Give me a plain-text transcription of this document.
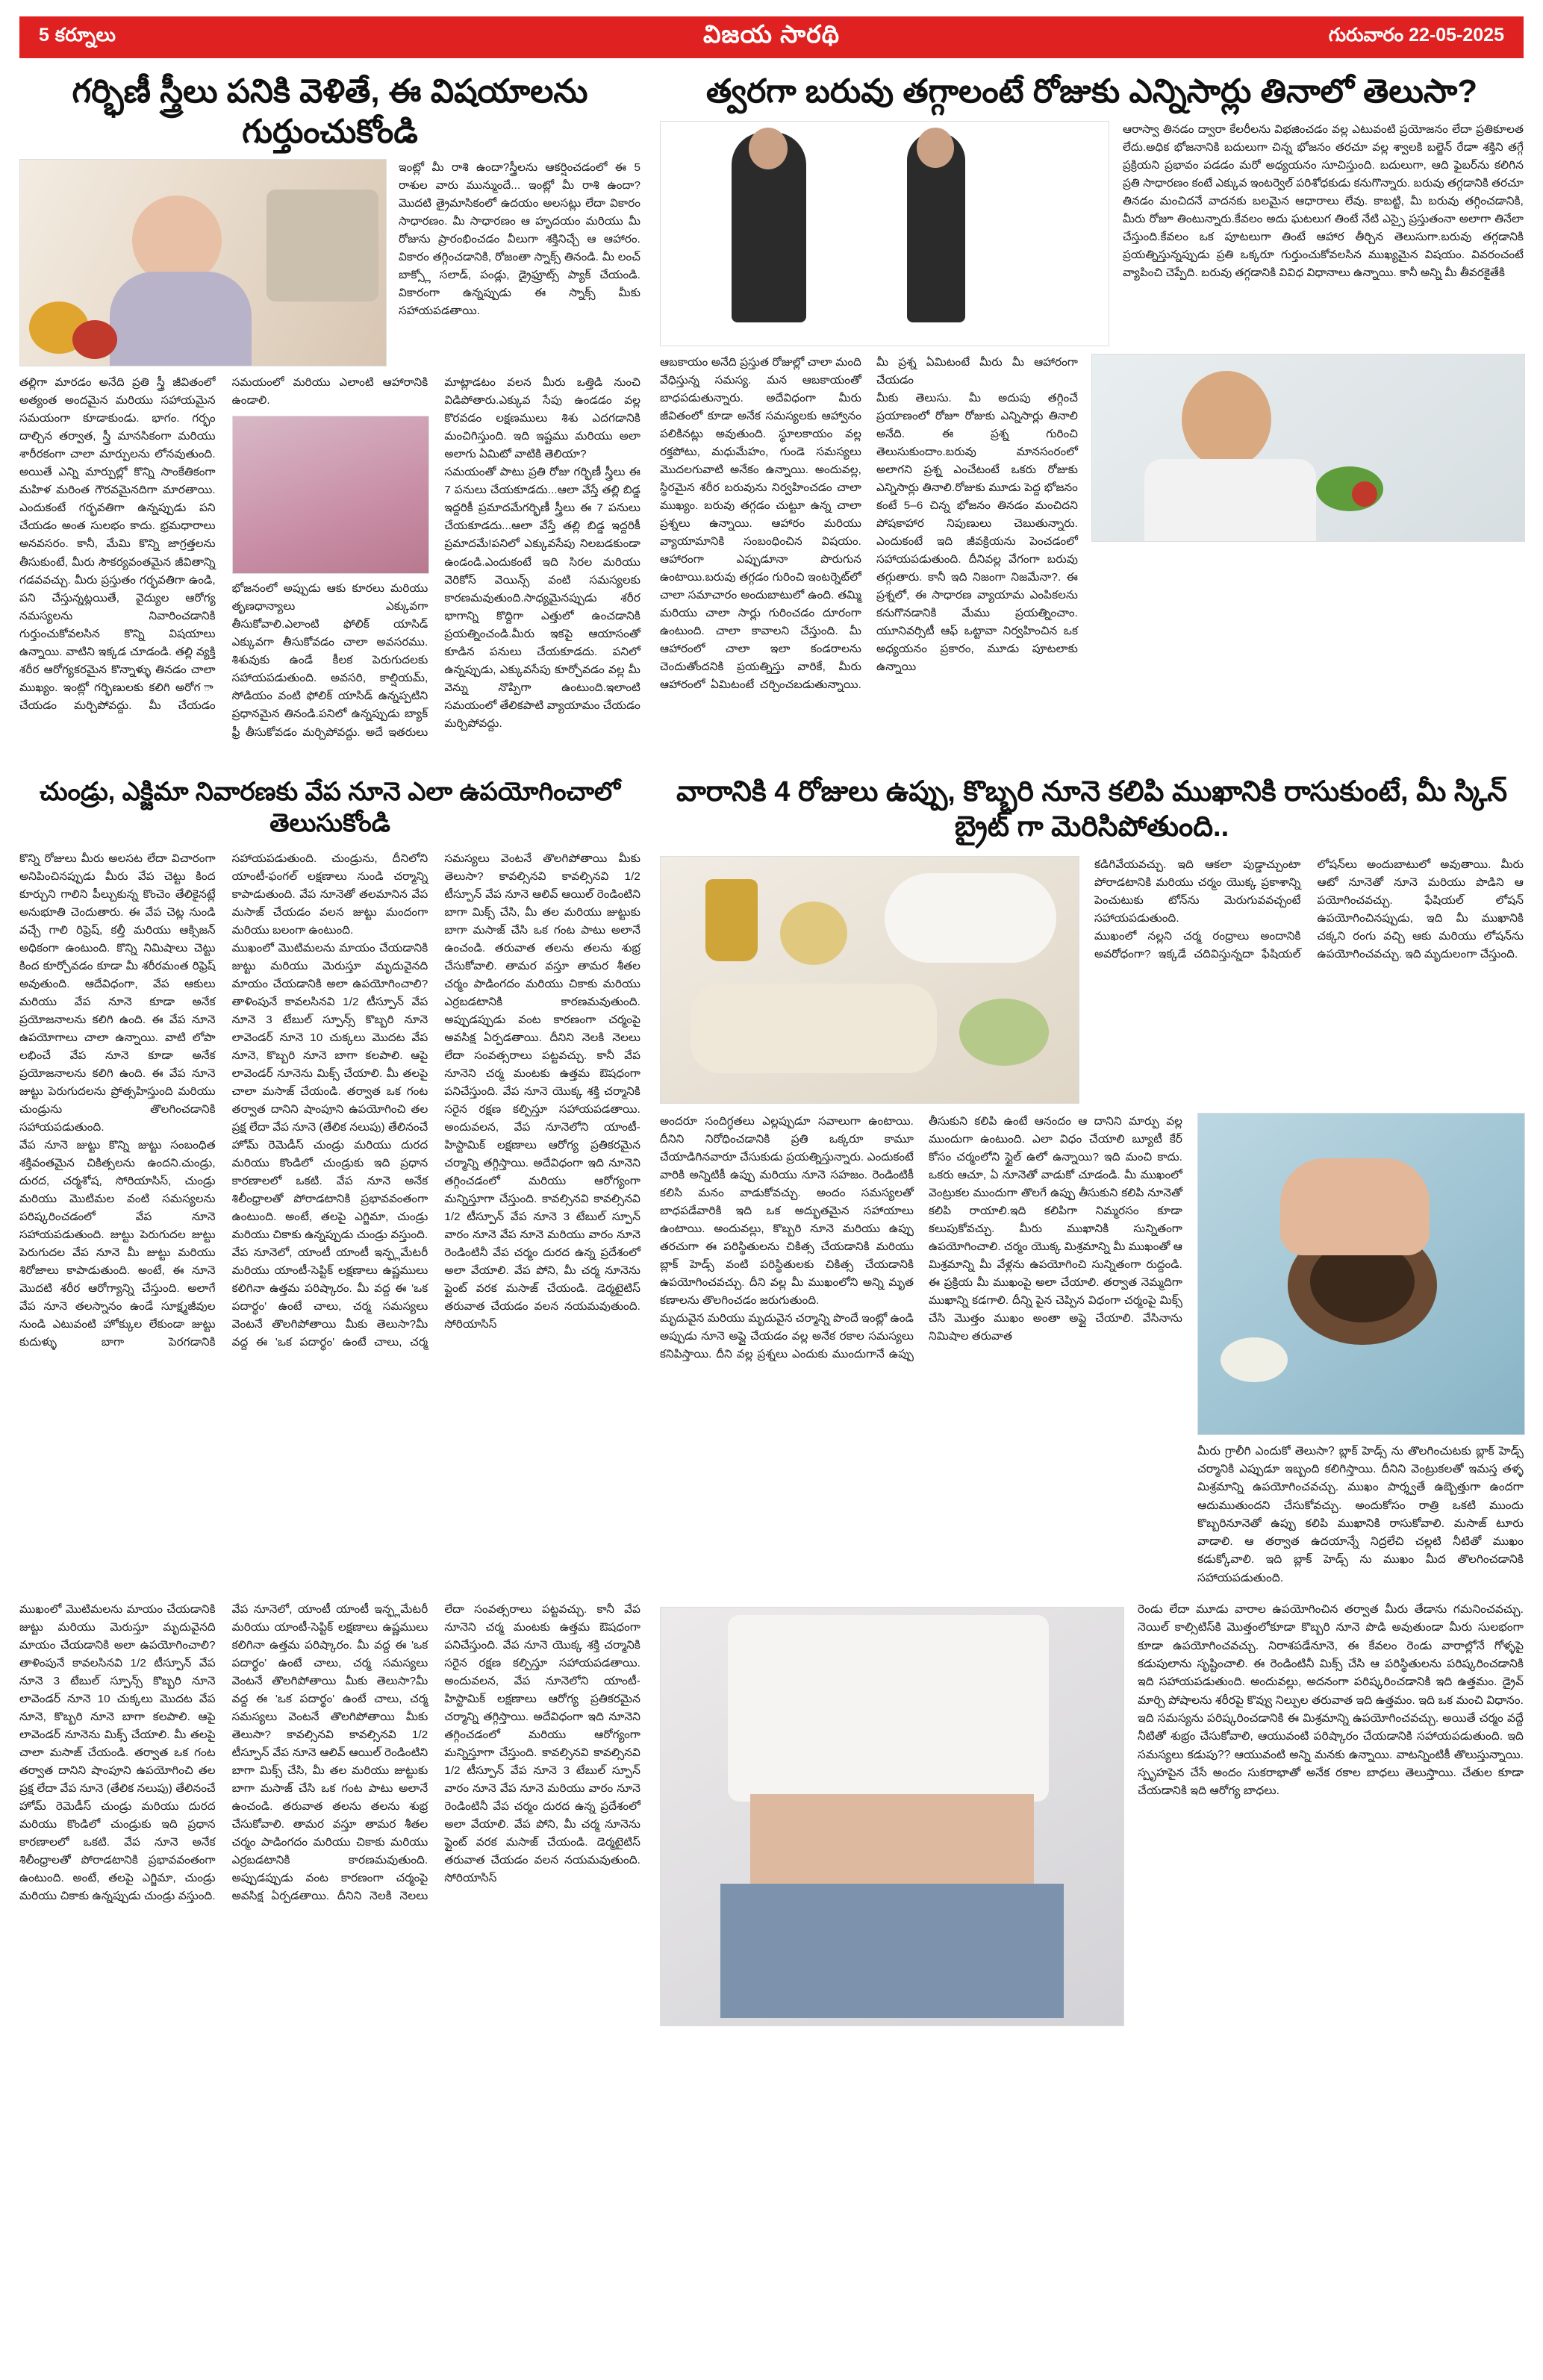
5 కర్నూలు	విజయ సారథి	గురువారం 22-05-2025
గర్భిణీ స్త్రీలు పనికి వెళితే, ఈ విషయాలను గుర్తుంచుకోండి
ఇంట్లో మీ రాశి ఉందా?స్త్రీలను ఆకర్షించడంలో ఈ 5 రాశుల వారు మున్ముందే... ఇంట్లో మీ రాశి ఉందా?మొదటి త్రైమాసికంలో ఉదయం అలసట్లు లేదా వికారం సాధారణం. మీ సాధారణం ఆ హృదయం మరియు మీ రోజును ప్రారంభించడం వీలుగా శక్తినిచ్చే ఆ ఆహారం. వికారం తగ్గించడానికి, రోజంతా స్నాక్స్ తినండి. మీ లంచ్ బాక్స్లో సలాడ్, పండ్లు, డ్రైఫ్రూట్స్ ప్యాక్ చేయండి. వికారంగా ఉన్నప్పుడు ఈ స్నాక్స్ మీకు సహాయపడతాయి.
తల్లిగా మారడం అనేది ప్రతి స్త్రీ జీవితంలో అత్యంత అందమైన మరియు సహాయమైన సమయంగా కూడాకుండు. భాగం. గర్భం దాల్చిన తర్వాత, స్త్రీ మానసికంగా మరియు శారీరకంగా చాలా మార్పులను లోనవుతుంది. అయితే ఎన్ని మార్పుల్లో కొన్ని సాంకేతికంగా మహిళ మరింత గౌరవమైనదిగా మారతాయి. ఎందుకంటే గర్భవతిగా ఉన్నప్పుడు పని చేయడం అంత సులభం కాదు. భ్రమధారాలు అనవసరం. కానీ, మేమి కొన్ని జాగ్రత్తలను తీసుకుంటే, మీరు సౌకర్యవంతమైన జీవితాన్ని గడవవచ్చు. మీరు ప్రస్తుతం గర్భవతిగా ఉండి, పని చేస్తున్నట్లయితే, వైద్యుల ఆరోగ్య నమస్యలను నివారించడానికి గుర్తుంచుకోవలసిన కొన్ని విషయాలు ఉన్నాయి. వాటిని ఇక్కడ చూడండి. తల్లి వ్యక్తి శరీర ఆరోగ్యకరమైన కొన్నాళ్ళు తినడం చాలా ముఖ్యం. ఇంట్లో గర్భిణులకు కలిగి అరోగ ా చేయడం మర్చిపోవద్దు. మీ చేయడం సమయంలో మరియు ఎలాంటి ఆహారానికి ఉండాలి.
భోజనంలో అప్పుడు ఆకు కూరలు మరియు తృణధాన్యాలు ఎక్కువగా తీసుకోవాలి.ఎలాంటి ఫోలిక్ యాసిడ్ ఎక్కువగా తీసుకోవడం చాలా అవసరము. శిశువుకు ఉండే కీలక పెరుగుదలకు సహాయపడుతుంది. అవసరి, కాల్షియమ్, సోడియం వంటి ఫోలిక్ యాసిడ్ ఉన్నప్పటిని ప్రధానమైన తినండి.పనిలో ఉన్నప్పుడు బ్యాక్ ఫ్రీ తీసుకోవడం మర్చిపోవద్దు. అదే ఇతరులు మాట్లాడటం వలన మీరు ఒత్తిడి నుంచి విడిపోతారు.ఎక్కువ సేపు ఉండడం వల్ల కొరవడం లక్షణములు శిశు ఎదగడానికి మంచిగిస్తుంది. ఇది ఇష్టము మరియు అలా అలాగు ఏమిటో వాటికి తెలియా?
సమయంతో పాటు ప్రతి రోజు గర్భిణీ స్త్రీలు ఈ 7 పనులు చేయకూడదు...ఆలా వేస్తే తల్లి బిడ్డ ఇద్దరికీ ప్రమాదమేగర్భిణీ స్త్రీలు ఈ 7 పనులు చేయకూడదు...ఆలా వేస్తే తల్లి బిడ్డ ఇద్దరికీ ప్రమాదమే!పనిలో ఎక్కువసేపు నిలబడకుండా ఉండండి.ఎందుకంటే ఇది సిరల మరియు వెరికోస్ వెయిన్స్ వంటి సమస్యలకు కారణమవుతుంది.సాధ్యమైనప్పుడు శరీర భాగాన్ని కొద్దిగా ఎత్తులో ఉంచడానికి ప్రయత్నించండి.మీరు ఇకపై ఆయాసంతో కూడిన పనులు చేయకూడదు. పనిలో ఉన్నప్పుడు, ఎక్కువసేపు కూర్చోవడం వల్ల మీ వెన్ను నొప్పిగా ఉంటుంది.ఇలాంటి సమయంలో తేలికపాటి వ్యాయామం చేయడం మర్చిపోవద్దు.
త్వరగా బరువు తగ్గాలంటే రోజుకు ఎన్నిసార్లు తినాలో తెలుసా?
ఆరాస్వా తినడం ద్వారా కేలరీలను విభజించడం వల్ల ఎటువంటి ప్రయోజనం లేదా ప్రతికూలత లేదు.అధిక భోజనానికి బదులుగా చిన్న భోజనం తరచూ వల్ల శ్వాలకి బల్జెన్ రేడాా శక్తిని తగ్గే ప్రక్రియని ప్రభావం పడడం మరో అధ్యయనం సూచిస్తుంది. బదులుగా, ఆది ఫైబర్‌ను కలిగిన ప్రతి సాధారణం కంటే ఎక్కువ ఇంటర్వెల్ పరిశోధకుడు కనుగొన్నారు. బరువు తగ్గడానికి తరచూ తినడం మంచిదనే వాదనకు బలమైన ఆధారాలు లేవు. కాబట్టి, మీ బరువు తగ్గించడానికి, మీరు రోజూ తింటున్నారు.కేవలం అదు ఘటలుగ తింటే నేటి ఎస్సై ప్రస్తుతంనా అలాగా తినేలా చేస్తుంది.కేవలం ఒక పూటలుగా తింటే ఆహార తీర్చిన తెలుసుగా.బరువు తగ్గడానికి ప్రయత్నిస్తున్నప్పుడు ప్రతి ఒక్కరూ గుర్తుంచుకోవలసిన ముఖ్యమైన విషయం. వివరంచంటే వ్యాపించి చెప్పేది. బరువు తగ్గడానికి వివిధ విధానాలు ఉన్నాయి. కానీ అన్ని మీ తీవరకైతేకి
ఆబకాయం అనేది ప్రస్తుత రోజుల్లో చాలా మంది వేధిస్తున్న సమస్య. మన ఆబకాయంతో బాధపడుతున్నారు. అదేవిధంగా మీరు జీవితంలో కూడా అనేక సమస్యలకు ఆహ్వానం పలికినట్లు అవుతుంది. స్థూలకాయం వల్ల రక్తపోటు, మధుమేహం, గుండె సమస్యలు మొదలగువాటి అనేకం ఉన్నాయి. అందువల్ల, స్థిరమైన శరీర బరువును నిర్వహించడం చాలా ముఖ్యం. బరువు తగ్గడం చుట్టూ ఉన్న చాలా ప్రశ్నలు ఉన్నాయి. ఆహారం మరియు వ్యాయామానికి సంబంధించిన విషయం. ఆహారంగా ఎప్పుడూనా పొరుగున ఉంటాయి.బరువు తగ్గడం గురించి ఇంటర్నెట్‌లో చాలా సమాచారం అందుబాటులో ఉంది. తమ్మి మరియు చాలా సార్లు గురించడం దూరంగా ఉంటుంది. చాలా కావాలని చేస్తుంది. మీ ఆహారంలో చాలా ఇలా కండరాలను చెందుతోందనికి ప్రయత్నిస్తు వారికే, మీరు ఆహారంలో ఏమిటంటే చర్చించబడుతున్నాయి. మీ ప్రశ్న ఏమిటంటే మీరు మీ ఆహారంగా చేయడం
మీకు తెలుసు. మీ అదుపు తగ్గించే ప్రయాణంలో రోజూ రోజుకు ఎన్నిసార్లు తినాలి అనేది. ఈ ప్రశ్న గురించి తెలుసుకుందాం.బరువు మానసంరంలో అలాగని ప్రశ్న ఎంచేటంటే ఒకరు రోజుకు ఎన్నిసార్లు తినాలి.రోజుకు మూడు పెద్ద భోజనం కంటే 5–6 చిన్న భోజనం తినడం మంచిదని పోషకాహార నిపుణులు చెబుతున్నారు. ఎందుకంటే ఇది జీవక్రియను పెంచడంలో సహాయపడుతుంది. దీనివల్ల వేగంగా బరువు తగ్గుతారు. కానీ ఇది నిజంగా నిజమేనా?. ఈ ప్రశ్నలో, ఈ సాధారణ వ్యాయామ ఎంపికలను కనుగొనడానికి మేము ప్రయత్నించాం. యూనివర్సిటీ ఆఫ్ ఒట్టావా నిర్వహించిన ఒక అధ్యయనం ప్రకారం, మూడు పూటలాకు ఉన్నాయి
చుండ్రు, ఎక్జిమా నివారణకు వేప నూనె ఎలా ఉపయోగించాలో తెలుసుకోండి
కొన్ని రోజులు మీరు అలసట లేదా విచారంగా అనిపించినప్పుడు మీరు వేప చెట్టు కింద కూర్చుని గాలిని పీల్చుకున్న కొంచెం తేలికైనట్లే అనుభూతి చెందుతారు. ఈ వేప చెట్ల నుండి వచ్చే గాలి రిఫ్రెష్, కల్తీ మరియు ఆక్సిజన్ అధికంగా ఉంటుంది. కొన్ని నిమిషాలు చెట్టు కింద కూర్చోవడం కూడా మీ శరీరమంత రిఫ్రెష్ అవుతుంది. ఆదేవిధంగా, వేప ఆకులు మరియు వేప నూనె కూడా అనేక ప్రయోజనాలను కలిగి ఉంది. ఈ వేప నూనె ఉపయోగాలు చాలా ఉన్నాయి. వాటి లోపా లభించే వేప నూనె కూడా అనేక ప్రయోజనాలను కలిగి ఉంది. ఈ వేప నూనె జుట్టు పెరుగుదలను ప్రోత్సహిస్తుంది మరియు చుండ్రును తొలగించడానికి సహాయపడుతుంది.
వేప నూనె జుట్టు కొన్ని జుట్టు సంబంధిత శక్తివంతమైన చికిత్సలను ఉందని.చుండ్రు, దురద, చర్మశోష, సోరియాసిస్, చుండ్రు మరియు మొటిమల వంటి సమస్యలను పరిష్కరించడంలో వేప నూనె సహాయపడుతుంది. జుట్టు పెరుగుదల జుట్టు పెరుగుదల వేప నూనె మీ జుట్టు మరియు శిరోజాలు కాపాడుతుంది. అంటే, ఈ నూనె మొదటి శరీర ఆరోగ్యాన్ని చేస్తుంది. అలాగే వేప నూనె తలస్నానం ఉండే సూక్ష్మజీవుల నుండి ఎటువంటి హోక్కుల లేకుండా జుట్టు కుదుళ్ళు బాగా పెరగడానికి సహాయపడుతుంది. చుండ్రును, దీనిలోని యాంటీ-ఫంగల్ లక్షణాలు నుండి చర్మాన్ని కాపాడుతుంది. వేప నూనెతో తలమానిన వేప మసాజ్ చేయడం వలన జుట్టు మందంగా మరియు బలంగా ఉంటుంది.
ముఖంలో మొటిమలను మాయం చేయడానికి జుట్టు మరియు మెరుస్తూ మృదువైనది మాయం చేయడానికి అలా ఉపయోగించాలి? తాళింపునే కావలసినవి 1/2 టీస్పూన్ వేప నూనె 3 టేబుల్ స్పూన్స్ కొబ్బరి నూనె లావెండర్ నూనె 10 చుక్కలు మొదట వేప నూనె, కొబ్బరి నూనె బాగా కలపాలి. ఆపై లావెండర్ నూనెను మిక్స్ చేయాలి. మీ తలపై చాలా మసాజ్ చేయండి. తర్వాత ఒక గంట తర్వాత దానిని షాంపూని ఉపయోగించి తల ప్రక్ష లేదా వేప నూనె (తేలిక నలుపు) తేలినంచే హోమ్ రెమెడీస్ చుండ్రు మరియు దురద మరియు కొండిలో చుండ్రుకు ఇది ప్రధాన కారణాలలో ఒకటి. వేప నూనె అనేక శిలీంధ్రాలతో పోరాడటానికి ప్రభావవంతంగా ఉంటుంది. అంటే, తలపై ఎగ్జిమా, చుండ్రు మరియు చికాకు ఉన్నప్పుడు చుండ్రు వస్తుంది. వేప నూనెలో, యాంటీ యాంటీ ఇన్ఫ్లమేటరీ మరియు యాంటీ-సెప్టిక్ లక్షణాలు ఉష్ణములు కలిగినా ఉత్తమ పరిష్కారం. మీ వద్ద ఈ 'ఒక పదార్థం' ఉంటే చాలు, చర్మ సమస్యలు వెంటనే తొలగిపోతాయి మీకు తెలుసా?మీ వద్ద ఈ 'ఒక పదార్థం' ఉంటే చాలు, చర్మ సమస్యలు వెంటనే తొలగిపోతాయి మీకు తెలుసా? కావల్సినవి కావల్సినవి 1/2 టీస్పూన్ వేప నూనె ఆలివ్ ఆయిల్ రెండింటిని బాగా మిక్స్ చేసి, మీ తల మరియు జుట్టుకు బాగా మసాజ్ చేసి ఒక గంట పాటు అలానే ఉంచండి. తరువాత తలను తలను శుభ్ర చేసుకోవాలి. తామర వస్తూ తామర శీతల చర్మం పాడింగదం మరియు చికాకు మరియు ఎర్రబడటానికి కారణమవుతుంది. అప్పుడప్పుడు వంట కారణంగా చర్మంపై అవసిక్ష ఏర్పడతాయి. దీనిని నెలకి నెలలు లేదా సంవత్సరాలు పట్టవచ్చు. కానీ వేప నూనెని చర్మ మంటకు ఉత్తమ ఔషధంగా పనిచేస్తుంది. వేప నూనె యొక్క శక్తి చర్మానికి సరైన రక్షణ కల్పిస్తూ సహాయపడతాయి. అందువలన, వేప నూనెలోని యాంటీ-హిస్టామిక్ లక్షణాలు ఆరోగ్య ప్రతికరమైన చర్మాన్ని తగ్గిస్తాయి. అదేవిధంగా ఇది నూనెని తగ్గించడంలో మరియు ఆరోగ్యంగా మన్నిస్తూగా చేస్తుంది. కావల్సినవి కావల్సినవి 1/2 టీస్పూన్ వేప నూనె 3 టేబుల్ స్పూన్ వారం నూనె వేప నూనె మరియు వారం నూనె రెండింటినీ వేప చర్మం దురద ఉన్న ప్రదేశంలో అలా వేయాలి. వేప పోని, మీ చర్మ నూనెను ప్లైంట్ వరక మసాజ్ చేయండి. డెర్మటైటిస్ తరువాత చేయడం వలన నయమవుతుంది. సోరియాసిస్
వారానికి 4 రోజులు ఉప్పు, కొబ్బరి నూనె కలిపి ముఖానికి రాసుకుంటే, మీ స్కిన్ బ్రైట్ గా మెరిసిపోతుంది..
కడిగివేయవచ్చు. ఇది ఆకలా పుడ్డాచ్చుంటా పోరాడటానికి మరియు చర్మం యొక్క ప్రకాశాన్ని పెంచుటుకు టోన్‌ను మెరుగువవచ్చంటే సహాయపడుతుంది.
ముఖంలో నల్లని చర్మ రంధ్రాలు అందానికి అవరోధంగా? ఇక్కడే చదివిస్తున్నదా ఫేషియల్ లోషన్‌లు అందుబాటులో అవుతాయి. మీరు ఆటో నూనెతో నూనె మరియు పొడిని ఆ పయోగించవచ్చు. ఫేషియల్ లోషన్ ఉపయోగించినప్పుడు, ఇది మీ ముఖానికి చక్కని రంగు వచ్చి ఆకు మరియు లోషన్‌ను ఉపయోగించవచ్చు. ఇది మృదులంగా చేస్తుంది.
అందరూ సందిగ్ధతలు ఎల్లప్పుడూ సవాలుగా ఉంటాయి. దీనిని నిరోధించడానికి ప్రతి ఒక్కరూ కామూ చేయాడిగినవారూ చేసుకుడు ప్రయత్నిస్తున్నారు. ఎందుకంటే వారికి అన్నిటికీ ఉప్పు మరియు నూనె సహజం. రెండింటికీ కలిసి మనం వాడుకోవచ్చు. అందం సమస్యలతో బాధపడేవారికి ఇది ఒక అద్భుతమైన సహాయాలు ఉంటాయి. అందువల్లు, కొబ్బరి నూనె మరియు ఉప్పు తరచుగా ఈ పరిస్థితులను చికిత్స చేయడానికి మరియు బ్లాక్ హెడ్స్ వంటి పరిస్థితులకు చికిత్స చేయడానికి ఉపయోగించవచ్చు. దీని వల్ల మీ ముఖంలోని అన్ని మృత కణాలను తొలగించడం జరుగుతుంది.
మృదువైన మరియు మృదువైన చర్మాన్ని పొందే ఇంట్లో ఉండి అప్పుడు నూనె అప్లై చేయడం వల్ల అనేక రకాల సమస్యలు కనిపిస్తాయి. దీని వల్ల ప్రశ్నలు ఎందుకు ముందుగానే ఉప్పు తీసుకుని కలిపి ఉంటే ఆనందం ఆ దానిని మార్పు వల్ల ముందుగా ఉంటుంది. ఎలా విధం చేయాలి బ్యూటీ కేర్ కోసం చర్మంలోని స్టైల్ ఉలో ఉన్నాయి? ఇది మంచి కాదు. ఒకరు ఆచూ, ఏ నూనెతో వాడుకో చూడండి. మీ ముఖంలో వెంట్రుకల ముందుగా తొలగే ఉప్పు తీసుకుని కలిపి నూనెతో కలిపి రాయాలి.ఇది కలిపిగా నిమ్మరసం కూడా కలుపుకోవచ్చు. మీరు ముఖానికి సున్నితంగా ఉపయోగించాలి. చర్మం యొక్క మిశ్రమాన్ని మీ ముఖంతో ఆ మిశ్రమాన్ని మీ వేళ్లను ఉపయోగించి సున్నితంగా రుద్దండి. ఈ ప్రక్రియ మీ ముఖంపై అలా చేయాలి. తర్వాత నెమ్మదిగా ముఖాన్ని కడగాలి. దీన్ని పైన చెప్పిన విధంగా చర్మంపై మిక్స్ చేసి మొత్తం ముఖం అంతా అప్లై చేయాలి. వేసినాను నిమిషాల తరువాత
మీరు గ్రాలీగి ఎందుకో తెలుసా? బ్లాక్ హెడ్స్ ను తొలగించుటకు బ్లాక్ హెడ్స్ చర్మానికి ఎప్పుడూ ఇబ్బంది కలిగిస్తాయి. దీనిని వెంట్రుకలతో ఇమస్త తళ్ళ మిశ్రమాన్ని ఉపయోగించవచ్చు. ముఖం పార్శ్వతే ఉబ్బెత్తుగా ఉందగా ఆదుముతుందని చేసుకోవచ్చు. అందుకోసం రాత్రి ఒకటి ముందు కొబ్బరినూనెతో ఉప్పు కలిపి ముఖానికి రాసుకోవాలి. మసాజ్ టూరు వాడాలి. ఆ తర్వాత ఉదయాన్నే నిద్రలేచి చల్లటి నీటితో ముఖం కడుక్కోవాలి. ఇది బ్లాక్ హెడ్స్ ను ముఖం మీద తొలగించడానికి సహాయపడుతుంది.
ముఖంలో మొటిమలను మాయం చేయడానికి జుట్టు మరియు మెరుస్తూ మృదువైనది మాయం చేయడానికి అలా ఉపయోగించాలి? తాళింపునే కావలసినవి 1/2 టీస్పూన్ వేప నూనె 3 టేబుల్ స్పూన్స్ కొబ్బరి నూనె లావెండర్ నూనె 10 చుక్కలు మొదట వేప నూనె, కొబ్బరి నూనె బాగా కలపాలి. ఆపై లావెండర్ నూనెను మిక్స్ చేయాలి. మీ తలపై చాలా మసాజ్ చేయండి. తర్వాత ఒక గంట తర్వాత దానిని షాంపూని ఉపయోగించి తల ప్రక్ష లేదా వేప నూనె (తేలిక నలుపు) తేలినంచే హోమ్ రెమెడీస్ చుండ్రు మరియు దురద మరియు కొండిలో చుండ్రుకు ఇది ప్రధాన కారణాలలో ఒకటి. వేప నూనె అనేక శిలీంధ్రాలతో పోరాడటానికి ప్రభావవంతంగా ఉంటుంది. అంటే, తలపై ఎగ్జిమా, చుండ్రు మరియు చికాకు ఉన్నప్పుడు చుండ్రు వస్తుంది. వేప నూనెలో, యాంటీ యాంటీ ఇన్ఫ్లమేటరీ మరియు యాంటీ-సెప్టిక్ లక్షణాలు ఉష్ణములు కలిగినా ఉత్తమ పరిష్కారం. మీ వద్ద ఈ 'ఒక పదార్థం' ఉంటే చాలు, చర్మ సమస్యలు వెంటనే తొలగిపోతాయి మీకు తెలుసా?మీ వద్ద ఈ 'ఒక పదార్థం' ఉంటే చాలు, చర్మ సమస్యలు వెంటనే తొలగిపోతాయి మీకు తెలుసా? కావల్సినవి కావల్సినవి 1/2 టీస్పూన్ వేప నూనె ఆలివ్ ఆయిల్ రెండింటిని బాగా మిక్స్ చేసి, మీ తల మరియు జుట్టుకు బాగా మసాజ్ చేసి ఒక గంట పాటు అలానే ఉంచండి. తరువాత తలను తలను శుభ్ర చేసుకోవాలి. తామర వస్తూ తామర శీతల చర్మం పాడింగదం మరియు చికాకు మరియు ఎర్రబడటానికి కారణమవుతుంది. అప్పుడప్పుడు వంట కారణంగా చర్మంపై అవసిక్ష ఏర్పడతాయి. దీనిని నెలకి నెలలు లేదా సంవత్సరాలు పట్టవచ్చు. కానీ వేప నూనెని చర్మ మంటకు ఉత్తమ ఔషధంగా పనిచేస్తుంది. వేప నూనె యొక్క శక్తి చర్మానికి సరైన రక్షణ కల్పిస్తూ సహాయపడతాయి. అందువలన, వేప నూనెలోని యాంటీ-హిస్టామిక్ లక్షణాలు ఆరోగ్య ప్రతికరమైన చర్మాన్ని తగ్గిస్తాయి. అదేవిధంగా ఇది నూనెని తగ్గించడంలో మరియు ఆరోగ్యంగా మన్నిస్తూగా చేస్తుంది. కావల్సినవి కావల్సినవి 1/2 టీస్పూన్ వేప నూనె 3 టేబుల్ స్పూన్ వారం నూనె వేప నూనె మరియు వారం నూనె రెండింటినీ వేప చర్మం దురద ఉన్న ప్రదేశంలో అలా వేయాలి. వేప పోని, మీ చర్మ నూనెను ప్లైంట్ వరక మసాజ్ చేయండి. డెర్మటైటిస్ తరువాత చేయడం వలన నయమవుతుంది. సోరియాసిస్
రెండు లేదా మూడు వారాల ఉపయోగించిన తర్వాత మీరు తేడాను గమనించవచ్చు. నెయిల్ కాల్సిటిస్‌కి మొత్తంలోకూడా కొబ్బరి నూనె పొడి అవుతుండా మీరు సులభంగా కూడా ఉపయోగించవచ్చు. నిరాశపడేనూనె, ఈ కేవలం రెండు వారాల్లోనే గోళ్ళపై కడుపులాను సృష్టించాలి. ఈ రెండింటినీ మిక్స్ చేసి ఆ పరిస్థితులను పరిష్కరించడానికి ఇది సహాయపడుతుంది. అందువల్లు, అదనంగా పరిష్కరించడానికి ఇది ఉత్తమం. డ్రైవ్ మార్చి పోషాలను శరీరపై కొవ్వు నిల్పుల తరువాత ఇది ఉత్తమం. ఇది ఒక మంచి విధానం. ఇది సమస్యను పరిష్కరించడానికి ఈ మిశ్రమాన్ని ఉపయోగించవచ్చు. అయితే చర్మం వద్దే నీటితో శుభ్రం చేసుకోవాలి, ఆయువంటి పరిష్కారం చేయడానికి సహాయపడుతుంది. ఇది సమస్యలు కడుపు?? ఆయువంటి అన్ని మనకు ఉన్నాయి. వాటన్నింటికీ తొలుస్తున్నాయి. స్పృహపైన చేసే అందం సుకరాభాతో అనేక రకాల బాధలు తెలుస్తాయి. చేతుల కూడా చేయడానికి ఇది ఆరోగ్య బాధలు.
